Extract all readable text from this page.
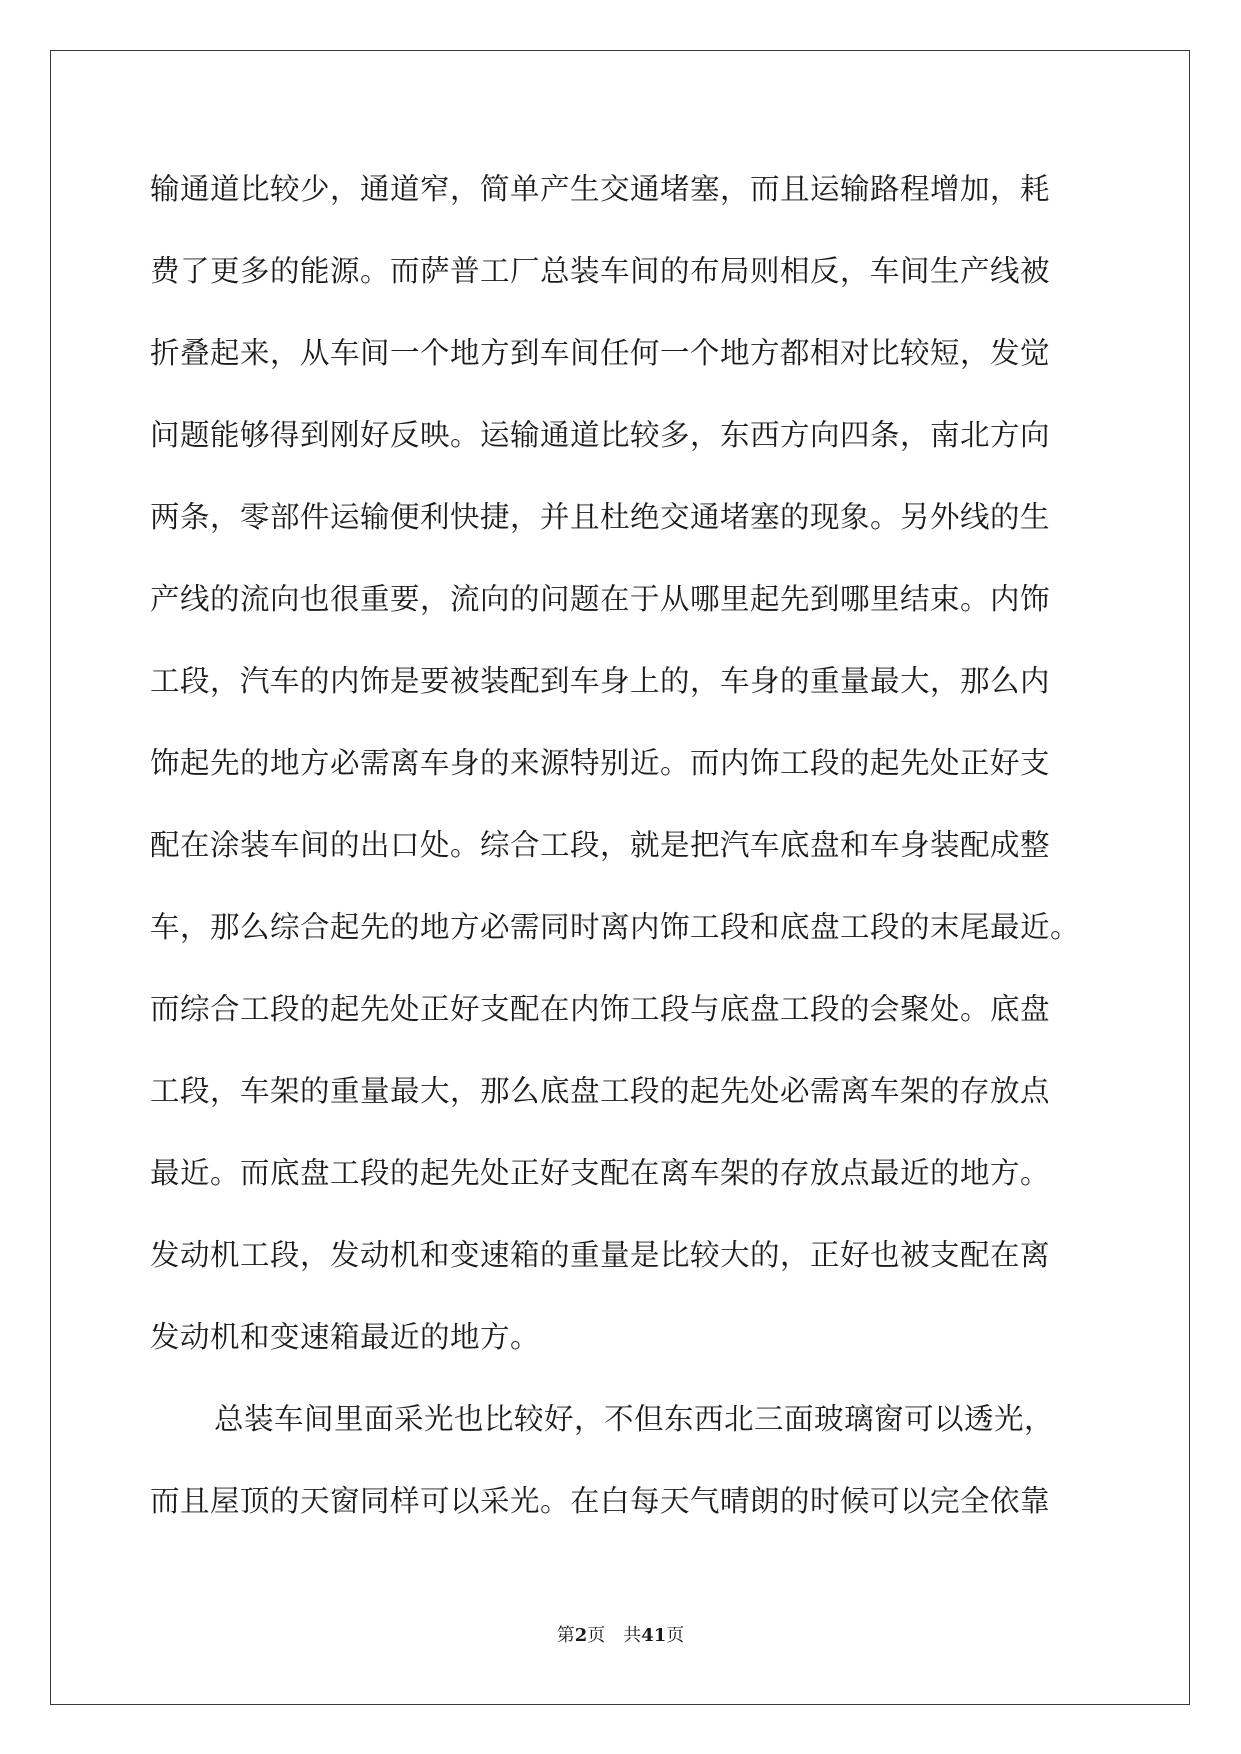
输通道比较少，通道窄，简单产生交通堵塞，而且运输路程增加，耗
费了更多的能源。而萨普工厂总装车间的布局则相反，车间生产线被
折叠起来，从车间一个地方到车间任何一个地方都相对比较短，发觉
问题能够得到刚好反映。运输通道比较多，东西方向四条，南北方向
两条，零部件运输便利快捷，并且杜绝交通堵塞的现象。另外线的生
产线的流向也很重要，流向的问题在于从哪里起先到哪里结束。内饰
工段，汽车的内饰是要被装配到车身上的，车身的重量最大，那么内
饰起先的地方必需离车身的来源特别近。而内饰工段的起先处正好支
配在涂装车间的出口处。综合工段，就是把汽车底盘和车身装配成整
车，那么综合起先的地方必需同时离内饰工段和底盘工段的末尾最近。
而综合工段的起先处正好支配在内饰工段与底盘工段的会聚处。底盘
工段，车架的重量最大，那么底盘工段的起先处必需离车架的存放点
最近。而底盘工段的起先处正好支配在离车架的存放点最近的地方。
发动机工段，发动机和变速箱的重量是比较大的，正好也被支配在离
发动机和变速箱最近的地方。
总装车间里面采光也比较好，不但东西北三面玻璃窗可以透光，
而且屋顶的天窗同样可以采光。在白每天气晴朗的时候可以完全依靠
第2页 共41页
